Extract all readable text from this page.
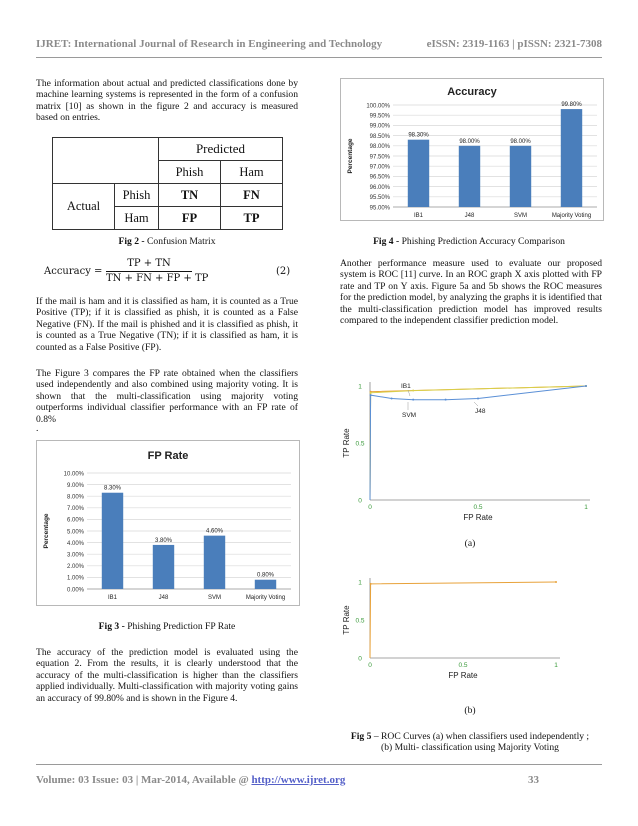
IJRET: International Journal of Research in Engineering and Technology	eISSN: 2319-1163 | pISSN: 2321-7308
The information about actual and predicted classifications done by machine learning systems is represented in the form of a confusion matrix [10] as shown in the figure 2 and accuracy is measured based on entries.
		Predicted	
		Phish	Ham
Actual	Phish	TN	FN
	Ham	FP	TP
Fig 2 - Confusion Matrix
Accuracy =
TP + TN
TN + FN + FP + TP
(2)
If the mail is ham and it is classified as ham, it is counted as a True Positive (TP); if it is classified as phish, it is counted as a False Negative (FN). If the mail is phished and it is classified as phish, it is counted as a True Negative (TN); if it is classified as ham, it is counted as a False Positive (FP).
The Figure 3 compares the FP rate obtained when the classifiers used independently and also combined using majority voting. It is shown that the multi-classification using majority voting outperforms individual classifier performance with an FP rate of 0.8%
.
FP Rate
0.00%
1.00%
2.00%
3.00%
4.00%
5.00%
6.00%
7.00%
8.00%
9.00%
10.00%
8.30%
IB1
3.80%
J48
4.60%
SVM
0.80%
Majority Voting
Percentage
Fig 3 - Phishing Prediction FP Rate
The accuracy of the prediction model is evaluated using the equation 2. From the results, it is clearly understood that the accuracy of the multi-classification is higher than the classifiers applied individually. Multi-classification with majority voting gains an accuracy of 99.80% and is shown in the Figure 4.
Accuracy
95.00%
95.50%
96.00%
96.50%
97.00%
97.50%
98.00%
98.50%
99.00%
99.50%
100.00%
98.30%
IB1
98.00%
J48
98.00%
SVM
99.80%
Majority Voting
Percentage
Fig 4 - Phishing Prediction Accuracy Comparison
Another performance measure used to evaluate our proposed system is ROC [11] curve. In an ROC graph X axis plotted with FP rate and TP on Y axis. Figure 5a and 5b shows the ROC measures for the prediction model, by analyzing the graphs it is identified that the multi-classification prediction model has improved results compared to the independent classifier prediction model.
0
0.5
1
0	0.5	1
FP Rate
TP Rate
IB1
SVM
J48
(a)
0
0.5
1
0	0.5	1
FP Rate
TP Rate
(b)
Fig 5 – ROC Curves (a) when classifiers used independently ;
(b) Multi- classification using Majority Voting
Volume: 03 Issue: 03 | Mar-2014, Available @ http://www.ijret.org	33
